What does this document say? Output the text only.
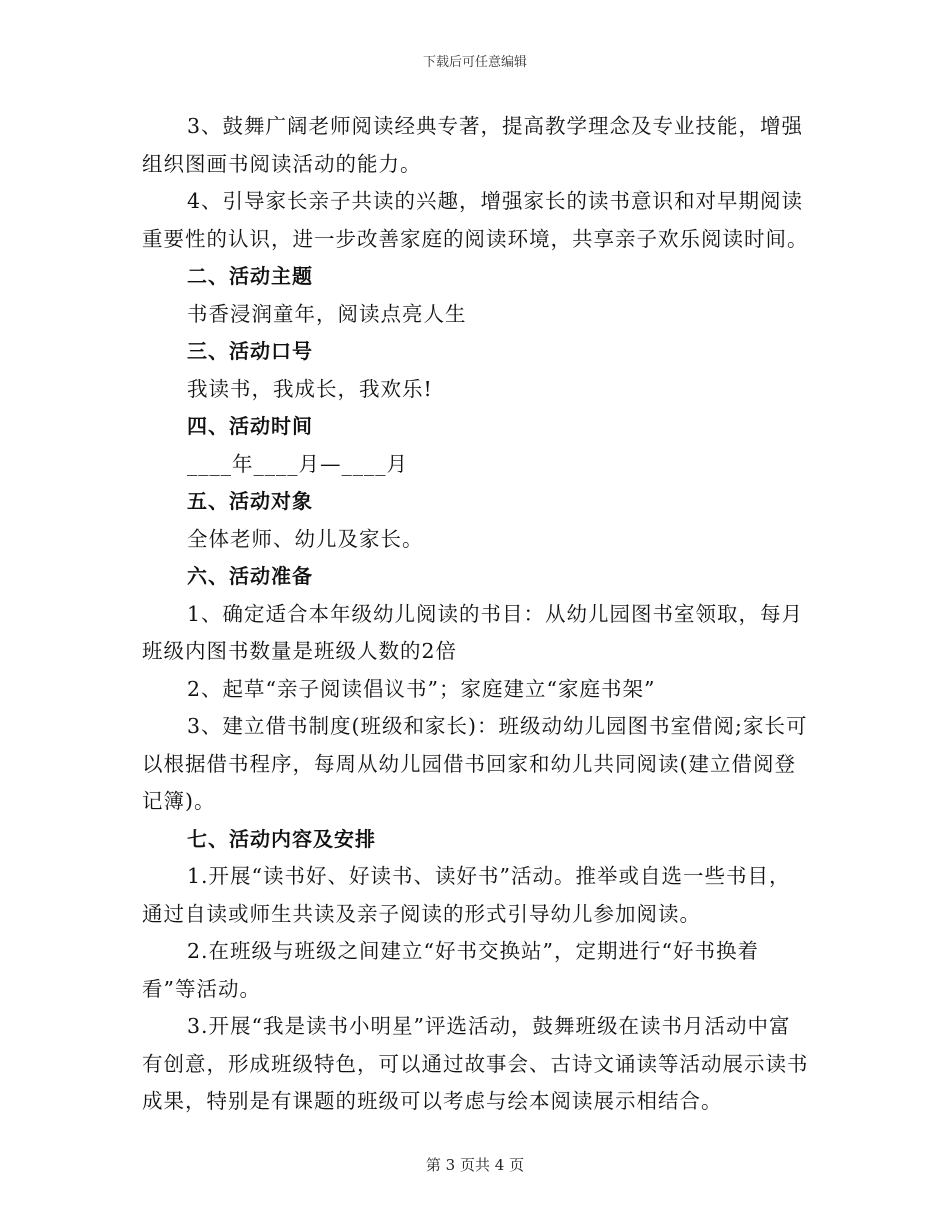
下载后可任意编辑

3、鼓舞广阔老师阅读经典专著，提高教学理念及专业技能，增强组织图画书阅读活动的能力。

4、引导家长亲子共读的兴趣，增强家长的读书意识和对早期阅读重要性的认识，进一步改善家庭的阅读环境，共享亲子欢乐阅读时间。

二、活动主题

书香浸润童年，阅读点亮人生

三、活动口号

我读书，我成长，我欢乐!

四、活动时间

____年____月—____月

五、活动对象

全体老师、幼儿及家长。

六、活动准备

1、确定适合本年级幼儿阅读的书目：从幼儿园图书室领取，每月班级内图书数量是班级人数的2倍

2、起草“亲子阅读倡议书”；家庭建立“家庭书架”

3、建立借书制度(班级和家长)：班级动幼儿园图书室借阅;家长可以根据借书程序，每周从幼儿园借书回家和幼儿共同阅读(建立借阅登记簿)。

七、活动内容及安排

1.开展“读书好、好读书、读好书”活动。推举或自选一些书目，通过自读或师生共读及亲子阅读的形式引导幼儿参加阅读。

2.在班级与班级之间建立“好书交换站”，定期进行“好书换着看”等活动。

3.开展“我是读书小明星”评选活动，鼓舞班级在读书月活动中富有创意，形成班级特色，可以通过故事会、古诗文诵读等活动展示读书成果，特别是有课题的班级可以考虑与绘本阅读展示相结合。

第 3 页共 4 页
